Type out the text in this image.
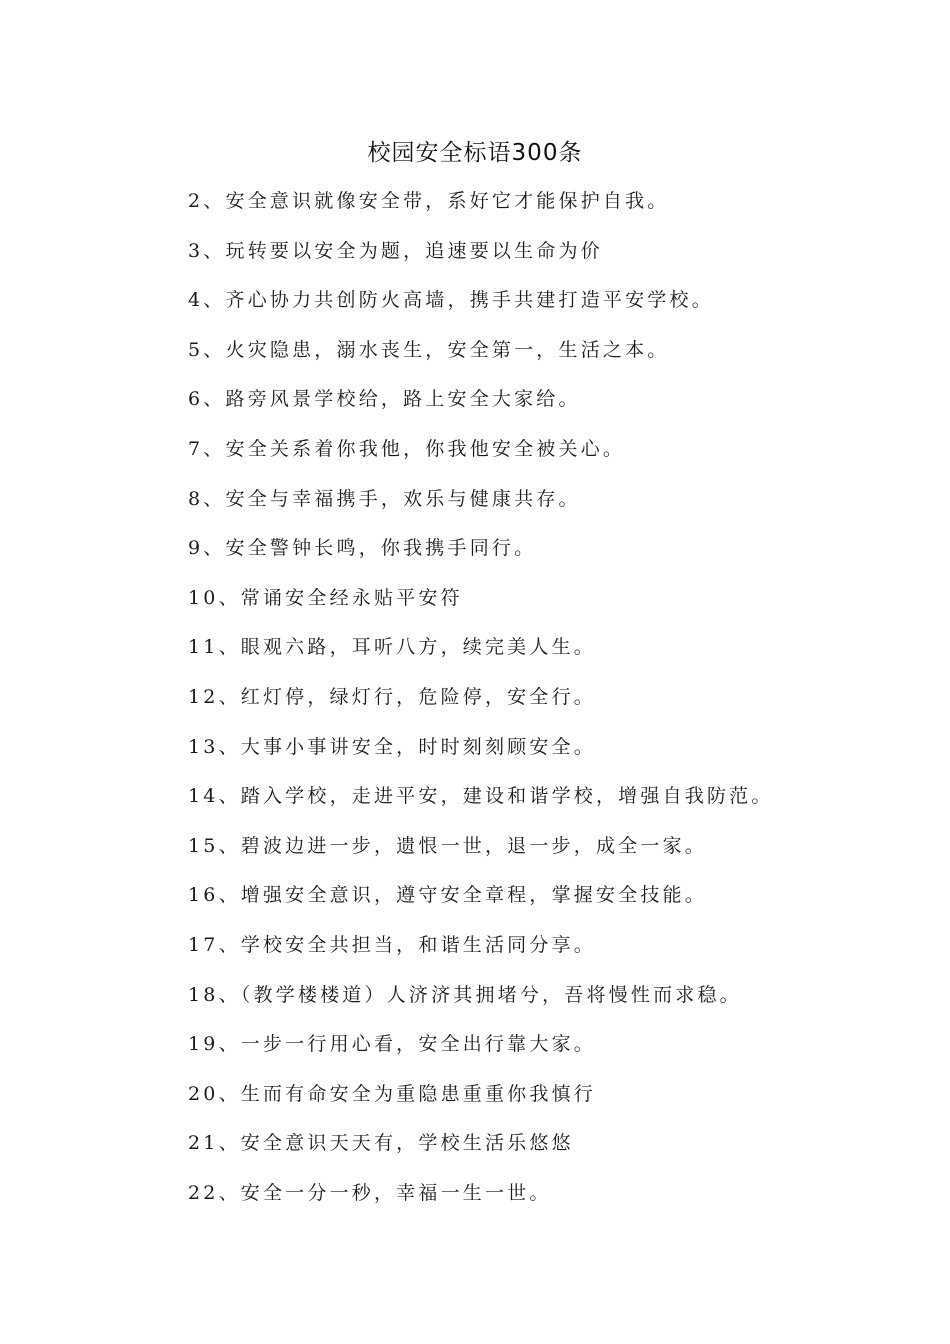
校园安全标语300条
2、安全意识就像安全带，系好它才能保护自我。
3、玩转要以安全为题，追速要以生命为价
4、齐心协力共创防火高墙，携手共建打造平安学校。
5、火灾隐患，溺水丧生，安全第一，生活之本。
6、路旁风景学校给，路上安全大家给。
7、安全关系着你我他，你我他安全被关心。
8、安全与幸福携手，欢乐与健康共存。
9、安全警钟长鸣，你我携手同行。
10、常诵安全经永贴平安符
11、眼观六路，耳听八方，续完美人生。
12、红灯停，绿灯行，危险停，安全行。
13、大事小事讲安全，时时刻刻顾安全。
14、踏入学校，走进平安，建设和谐学校，增强自我防范。
15、碧波边进一步，遗恨一世，退一步，成全一家。
16、增强安全意识，遵守安全章程，掌握安全技能。
17、学校安全共担当，和谐生活同分享。
18、（教学楼楼道）人济济其拥堵兮，吾将慢性而求稳。
19、一步一行用心看，安全出行靠大家。
20、生而有命安全为重隐患重重你我慎行
21、安全意识天天有，学校生活乐悠悠
22、安全一分一秒，幸福一生一世。
